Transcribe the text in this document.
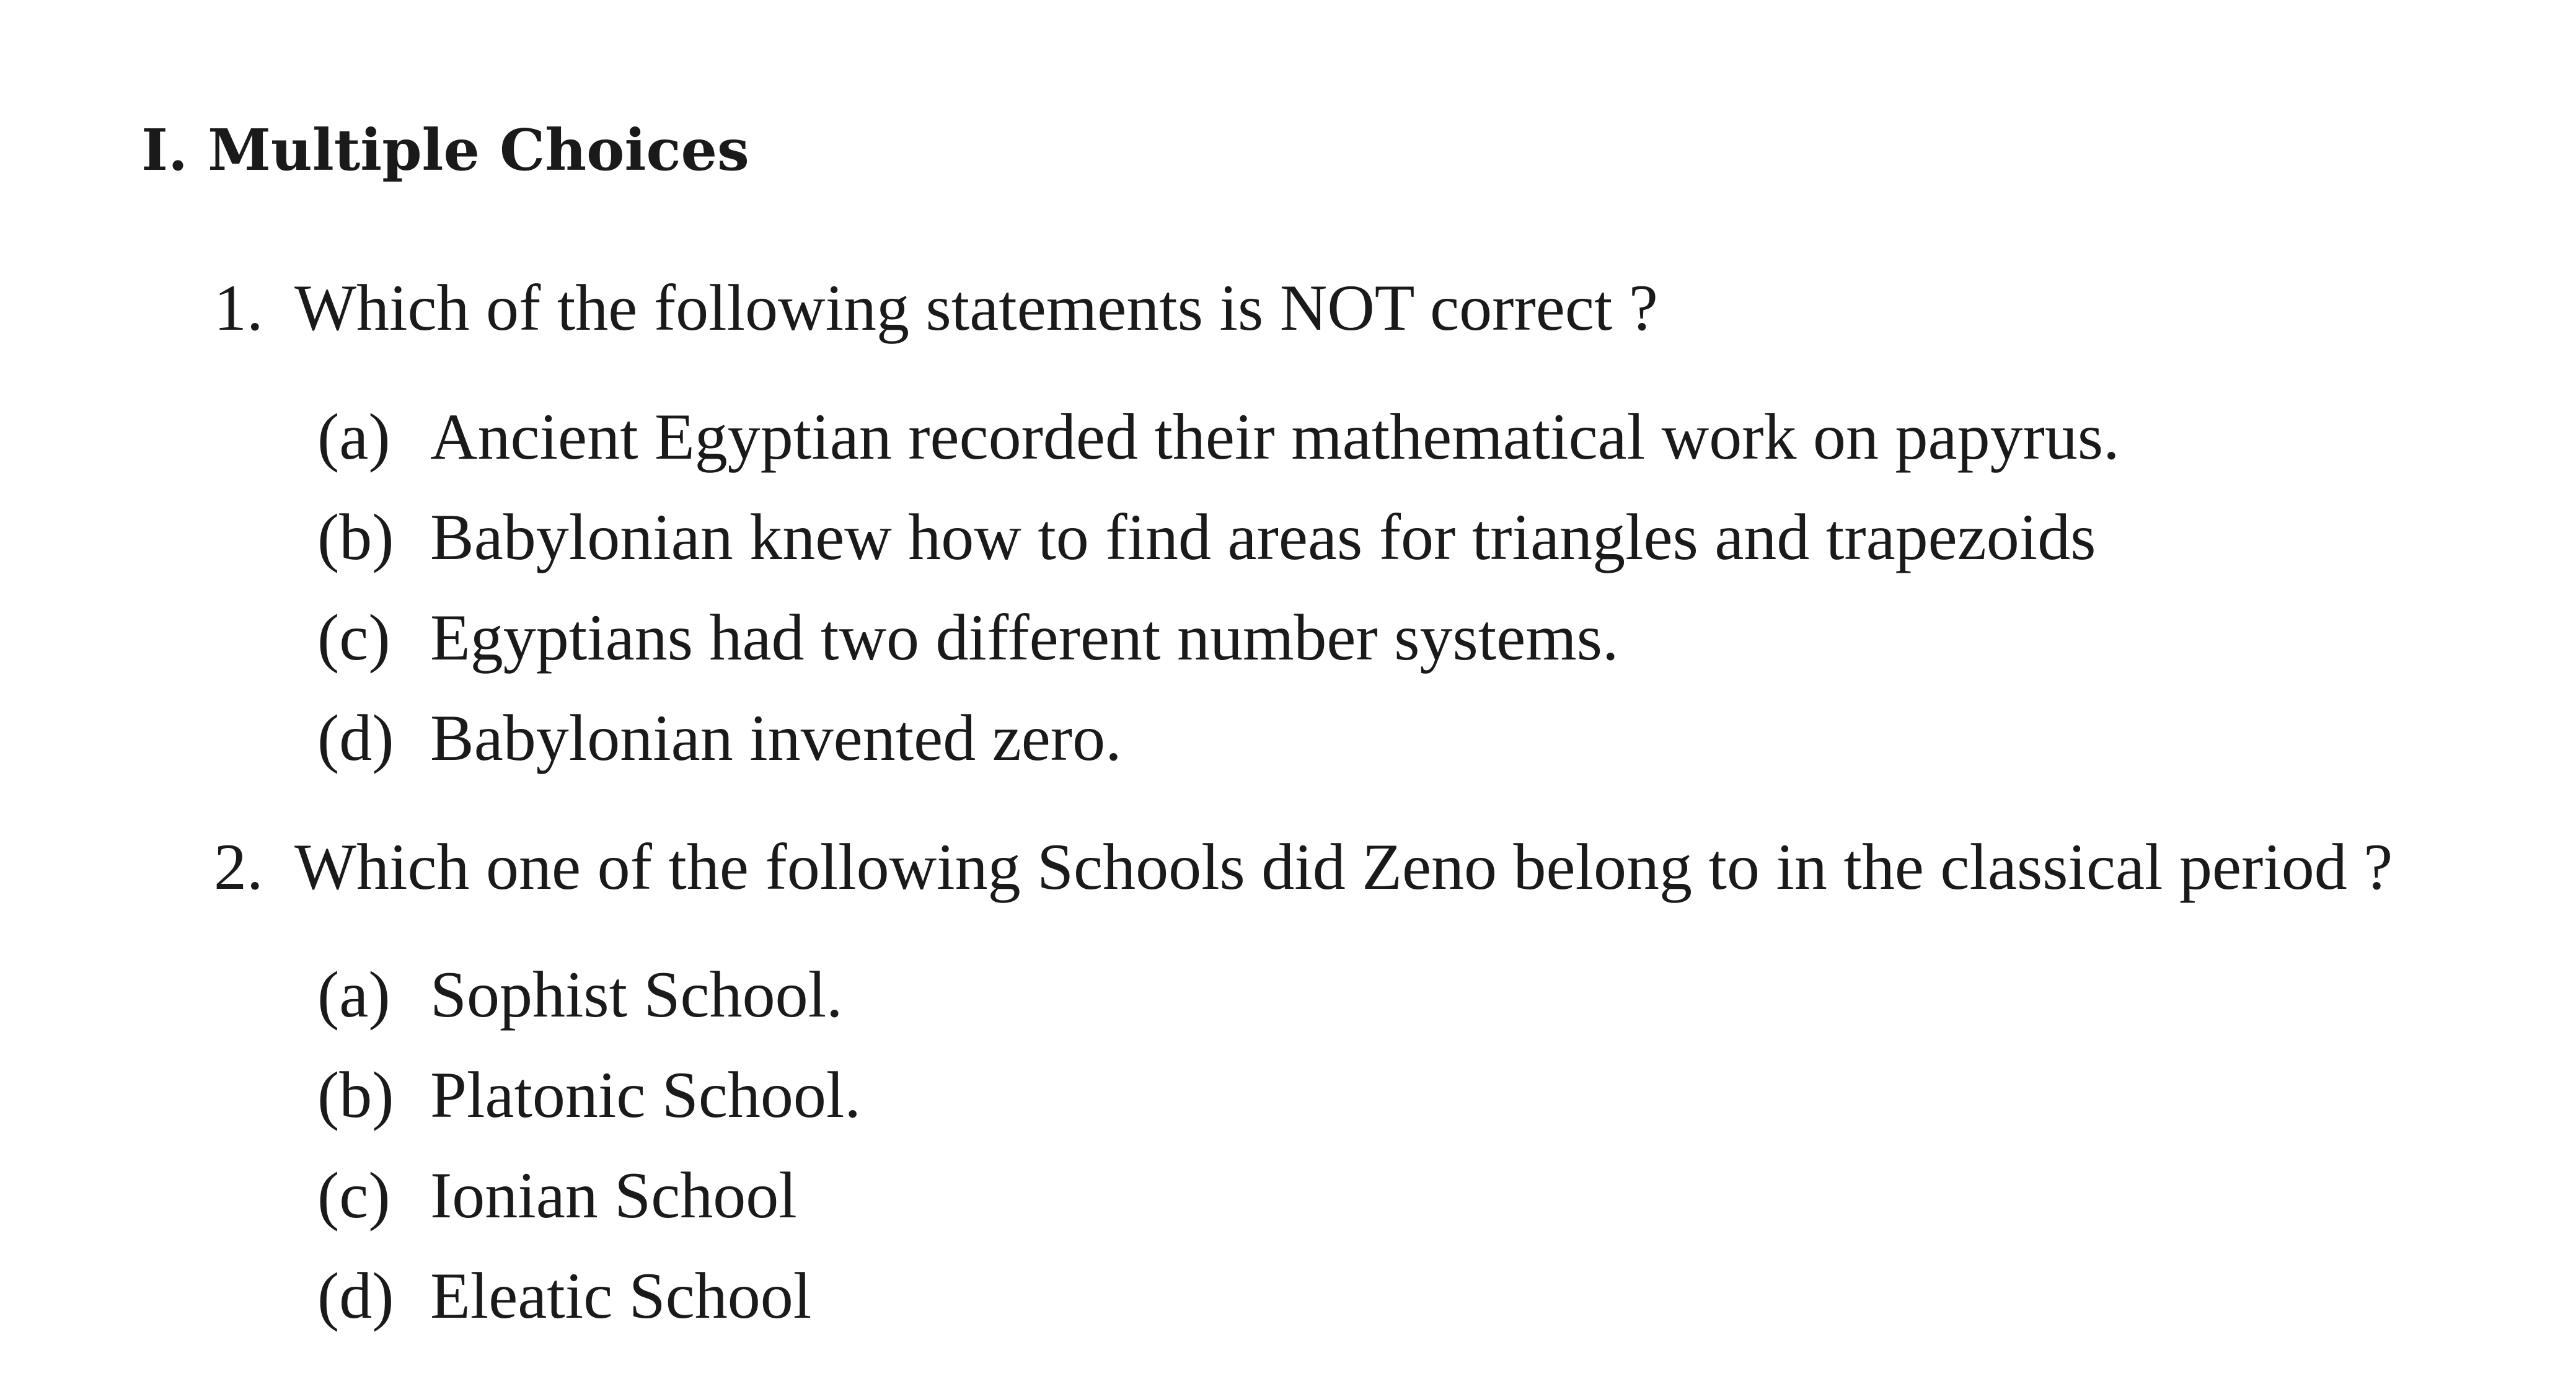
I. Multiple Choices
1. Which of the following statements is NOT correct ?
(a) Ancient Egyptian recorded their mathematical work on papyrus.
(b) Babylonian knew how to find areas for triangles and trapezoids
(c) Egyptians had two different number systems.
(d) Babylonian invented zero.
2. Which one of the following Schools did Zeno belong to in the classical period ?
(a) Sophist School.
(b) Platonic School.
(c) Ionian School
(d) Eleatic School
